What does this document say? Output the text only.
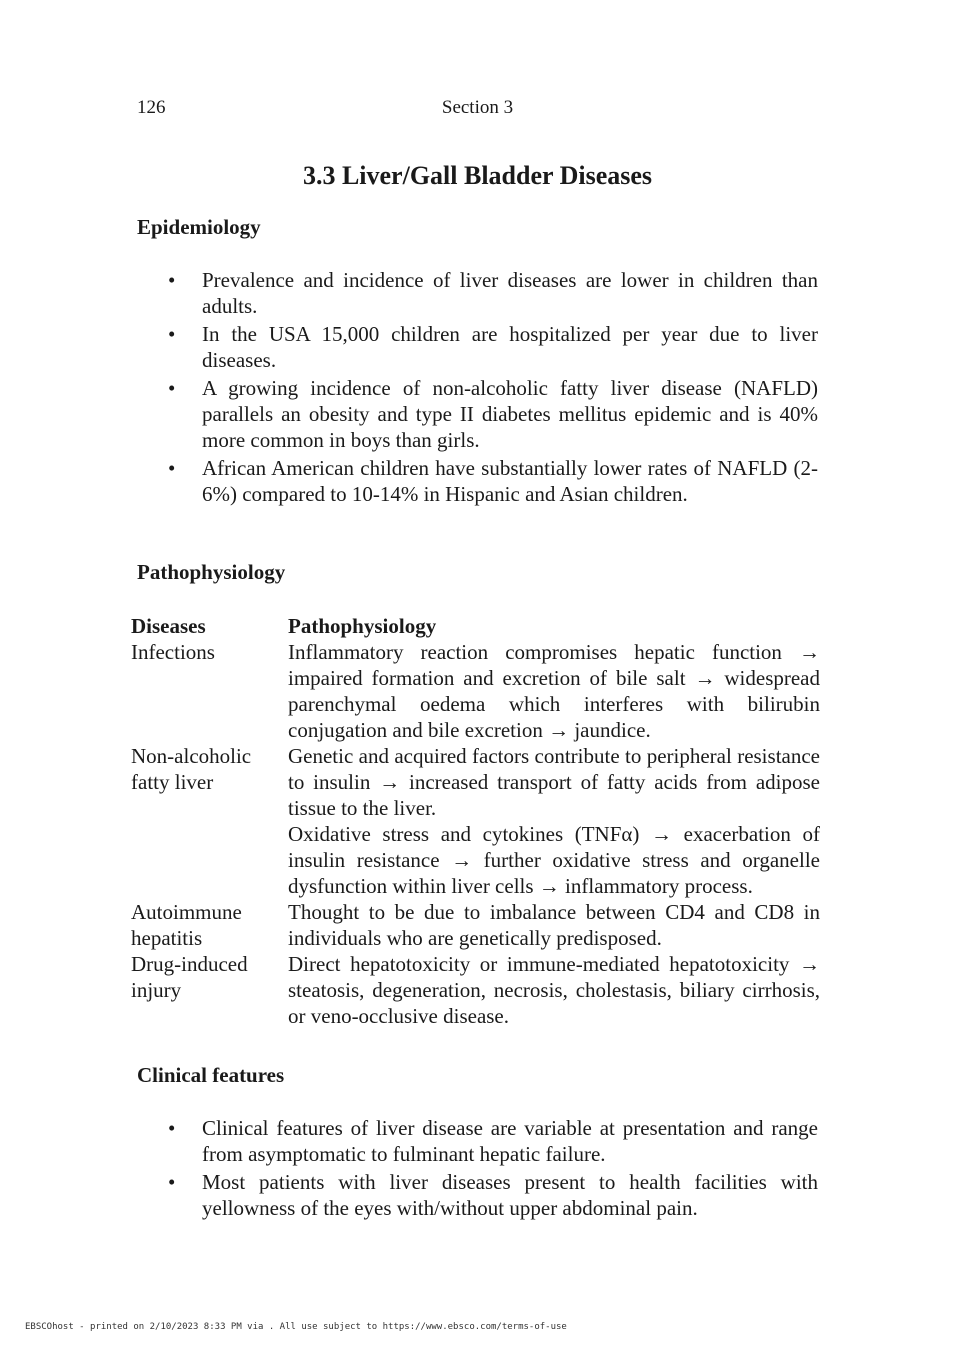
126	Section 3
3.3 Liver/Gall Bladder Diseases
Epidemiology
• Prevalence and incidence of liver diseases are lower in children than adults.
• In the USA 15,000 children are hospitalized per year due to liver diseases.
• A growing incidence of non-alcoholic fatty liver disease (NAFLD) parallels an obesity and type II diabetes mellitus epidemic and is 40% more common in boys than girls.
• African American children have substantially lower rates of NAFLD (2-6%) compared to 10-14% in Hispanic and Asian children.
Pathophysiology
Diseases	Pathophysiology
Infections	Inflammatory reaction compromises hepatic function → impaired formation and excretion of bile salt → widespread parenchymal oedema which interferes with bilirubin conjugation and bile excretion → jaundice.
Non-alcoholic fatty liver	Genetic and acquired factors contribute to peripheral resistance to insulin → increased transport of fatty acids from adipose tissue to the liver.

Oxidative stress and cytokines (TNFα) → exacerbation of insulin resistance → further oxidative stress and organelle dysfunction within liver cells → inflammatory process.

Autoimmune hepatitis	Thought to be due to imbalance between CD4 and CD8 in individuals who are genetically predisposed.
Drug-induced injury	Direct hepatotoxicity or immune-mediated hepatotoxicity → steatosis, degeneration, necrosis, cholestasis, biliary cirrhosis, or veno-occlusive disease.
Clinical features
• Clinical features of liver disease are variable at presentation and range from asymptomatic to fulminant hepatic failure.
• Most patients with liver diseases present to health facilities with yellowness of the eyes with/without upper abdominal pain.
EBSCOhost - printed on 2/10/2023 8:33 PM via . All use subject to https://www.ebsco.com/terms-of-use
